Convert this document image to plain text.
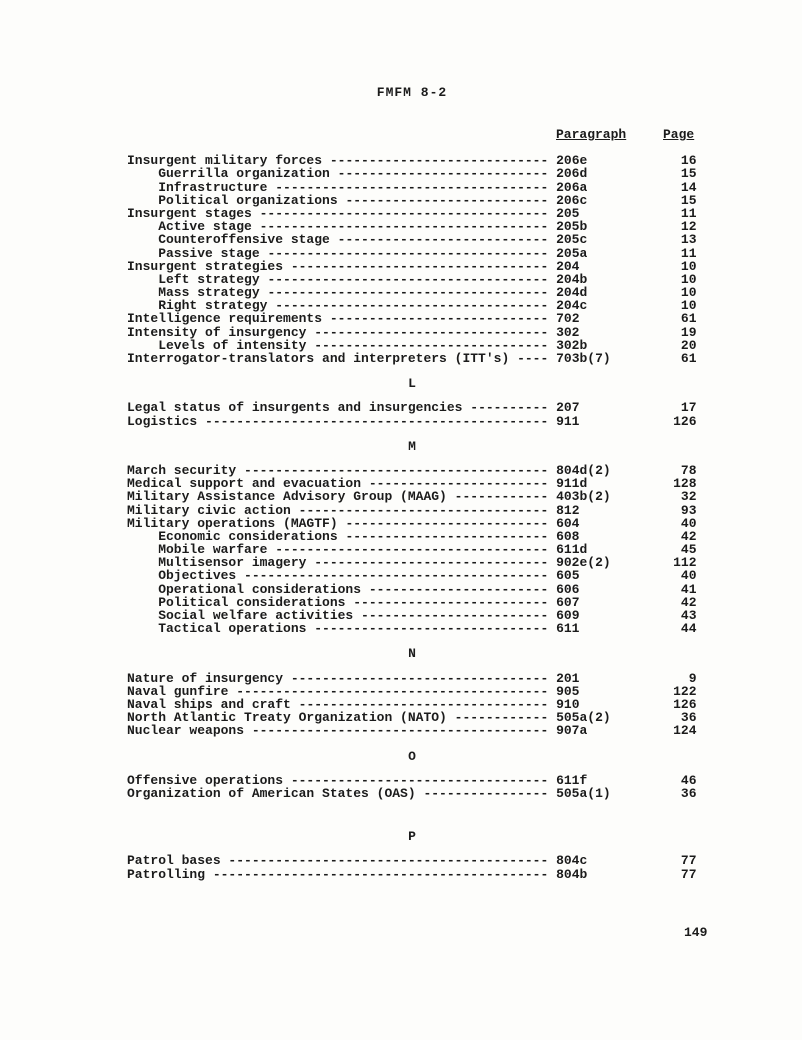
FMFM 8-2
Paragraph	Page
Insurgent military forces ---------------------------- 206e            16
Guerrilla organization --------------------------- 206d            15
Infrastructure ----------------------------------- 206a            14
Political organizations -------------------------- 206c            15
Insurgent stages ------------------------------------- 205             11
Active stage ------------------------------------- 205b            12
Counteroffensive stage --------------------------- 205c            13
Passive stage ------------------------------------ 205a            11
Insurgent strategies --------------------------------- 204             10
Left strategy ------------------------------------ 204b            10
Mass strategy ------------------------------------ 204d            10
Right strategy ----------------------------------- 204c            10
Intelligence requirements ---------------------------- 702             61
Intensity of insurgency ------------------------------ 302             19
Levels of intensity ------------------------------ 302b            20
Interrogator-translators and interpreters (ITT's) ---- 703b(7)         61
L
Legal status of insurgents and insurgencies ---------- 207             17
Logistics -------------------------------------------- 911            126
M
March security --------------------------------------- 804d(2)         78
Medical support and evacuation ----------------------- 911d           128
Military Assistance Advisory Group (MAAG) ------------ 403b(2)         32
Military civic action -------------------------------- 812             93
Military operations (MAGTF) -------------------------- 604             40
Economic considerations -------------------------- 608             42
Mobile warfare ----------------------------------- 611d            45
Multisensor imagery ------------------------------ 902e(2)        112
Objectives --------------------------------------- 605             40
Operational considerations ----------------------- 606             41
Political considerations ------------------------- 607             42
Social welfare activities ------------------------ 609             43
Tactical operations ------------------------------ 611             44
N
Nature of insurgency --------------------------------- 201              9
Naval gunfire ---------------------------------------- 905            122
Naval ships and craft -------------------------------- 910            126
North Atlantic Treaty Organization (NATO) ------------ 505a(2)         36
Nuclear weapons -------------------------------------- 907a           124
O
Offensive operations --------------------------------- 611f            46
Organization of American States (OAS) ---------------- 505a(1)         36
P
Patrol bases ----------------------------------------- 804c            77
Patrolling ------------------------------------------- 804b            77
149
